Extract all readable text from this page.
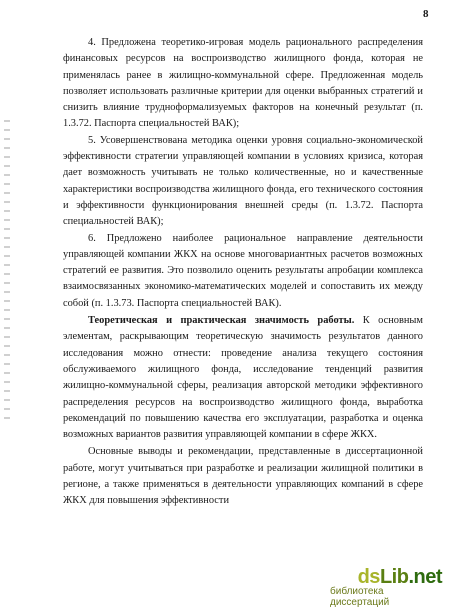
8

4. Предложена теоретико-игровая модель рационального распределения финансовых ресурсов на воспроизводство жилищного фонда, которая не применялась ранее в жилищно-коммунальной сфере. Предложенная модель позволяет использовать различные критерии для оценки выбранных стратегий и снизить влияние трудноформализуемых факторов на конечный результат (п. 1.3.72. Паспорта специальностей ВАК);

5. Усовершенствована методика оценки уровня социально-экономической эффективности стратегии управляющей компании в условиях кризиса, которая дает возможность учитывать не только количественные, но и качественные характеристики воспроизводства жилищного фонда, его технического состояния и эффективности функционирования внешней среды (п. 1.3.72. Паспорта специальностей ВАК);

6. Предложено наиболее рациональное направление деятельности управляющей компании ЖКХ на основе многовариантных расчетов возможных стратегий ее развития. Это позволило оценить результаты апробации комплекса взаимосвязанных экономико-математических моделей и сопоставить их между собой (п. 1.3.73. Паспорта специальностей ВАК).

Теоретическая и практическая значимость работы. К основным элементам, раскрывающим теоретическую значимость результатов данного исследования можно отнести: проведение анализа текущего состояния обслуживаемого жилищного фонда, исследование тенденций развития жилищно-коммунальной сферы, реализация авторской методики эффективного распределения ресурсов на воспроизводство жилищного фонда, выработка рекомендаций по повышению качества его эксплуатации, разработка и оценка возможных вариантов развития управляющей компании в сфере ЖКХ.

Основные выводы и рекомендации, представленные в диссертационной работе, могут учитываться при разработке и реализации жилищной политики в регионе, а также применяться в деятельности управляющих компаний в сфере ЖКХ для повышения эффективности

ds Lib .net
библиотека диссертаций
